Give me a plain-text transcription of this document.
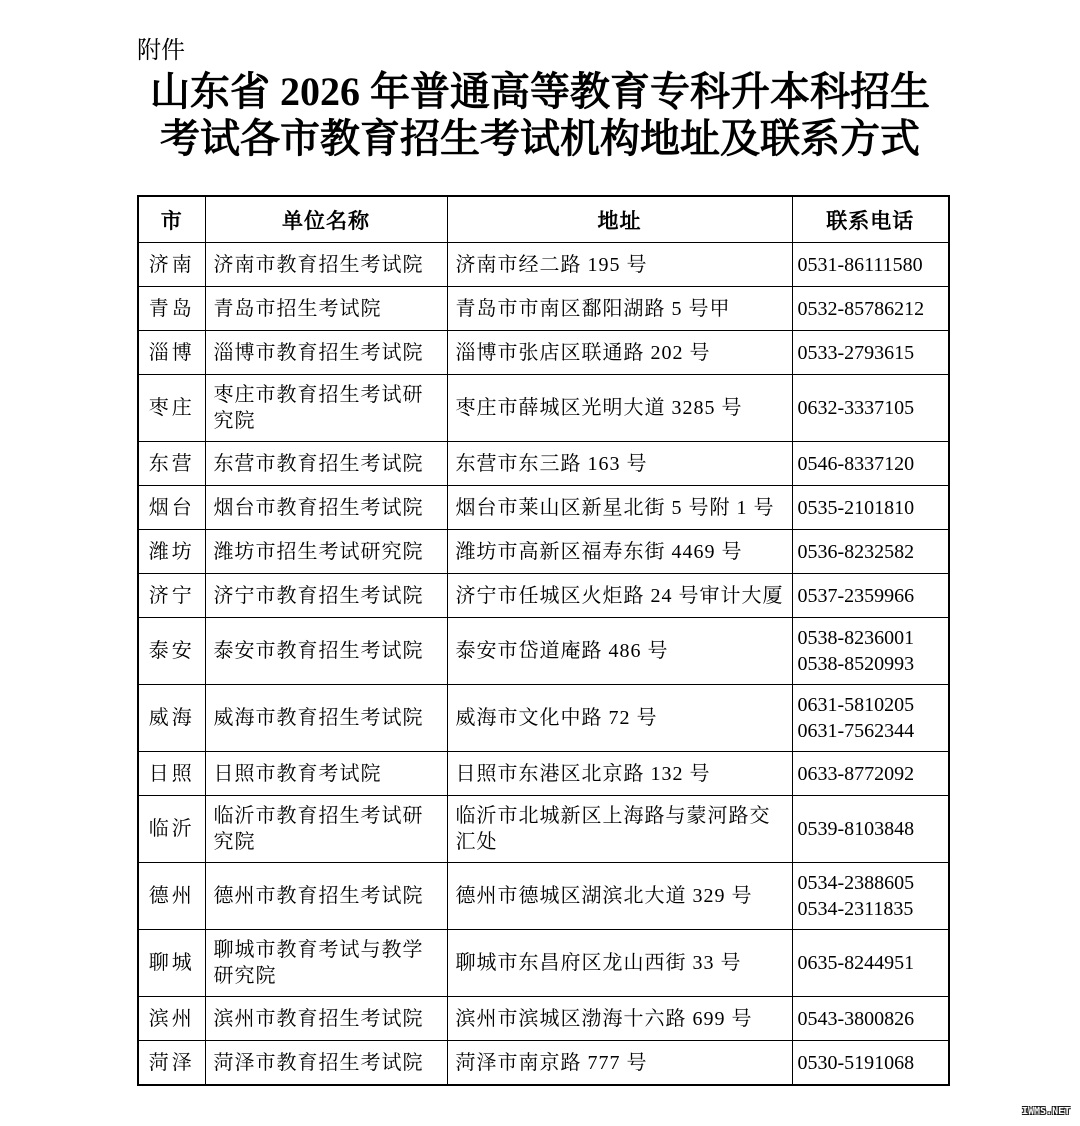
附件
山东省 2026 年普通高等教育专科升本科招生
考试各市教育招生考试机构地址及联系方式
市	单位名称	地址	联系电话
济南	济南市教育招生考试院	济南市经二路 195 号	0531-86111580

青岛	青岛市招生考试院	青岛市市南区鄱阳湖路 5 号甲	0532-85786212

淄博	淄博市教育招生考试院	淄博市张店区联通路 202 号	0533-2793615

枣庄	枣庄市教育招生考试研究院	枣庄市薛城区光明大道 3285 号	0632-3337105

东营	东营市教育招生考试院	东营市东三路 163 号	0546-8337120

烟台	烟台市教育招生考试院	烟台市莱山区新星北街 5 号附 1 号	0535-2101810

潍坊	潍坊市招生考试研究院	潍坊市高新区福寿东街 4469 号	0536-8232582

济宁	济宁市教育招生考试院	济宁市任城区火炬路 24 号审计大厦	0537-2359966

泰安	泰安市教育招生考试院	泰安市岱道庵路 486 号	0538-8236001
0538-8520993

威海	威海市教育招生考试院	威海市文化中路 72 号	0631-5810205
0631-7562344

日照	日照市教育考试院	日照市东港区北京路 132 号	0633-8772092

临沂	临沂市教育招生考试研究院	临沂市北城新区上海路与蒙河路交汇处	0539-8103848

德州	德州市教育招生考试院	德州市德城区湖滨北大道 329 号	0534-2388605
0534-2311835

聊城	聊城市教育考试与教学研究院	聊城市东昌府区龙山西街 33 号	0635-8244951

滨州	滨州市教育招生考试院	滨州市滨城区渤海十六路 699 号	0543-3800826

菏泽	菏泽市教育招生考试院	菏泽市南京路 777 号	0530-5191068
IWMS.NET
